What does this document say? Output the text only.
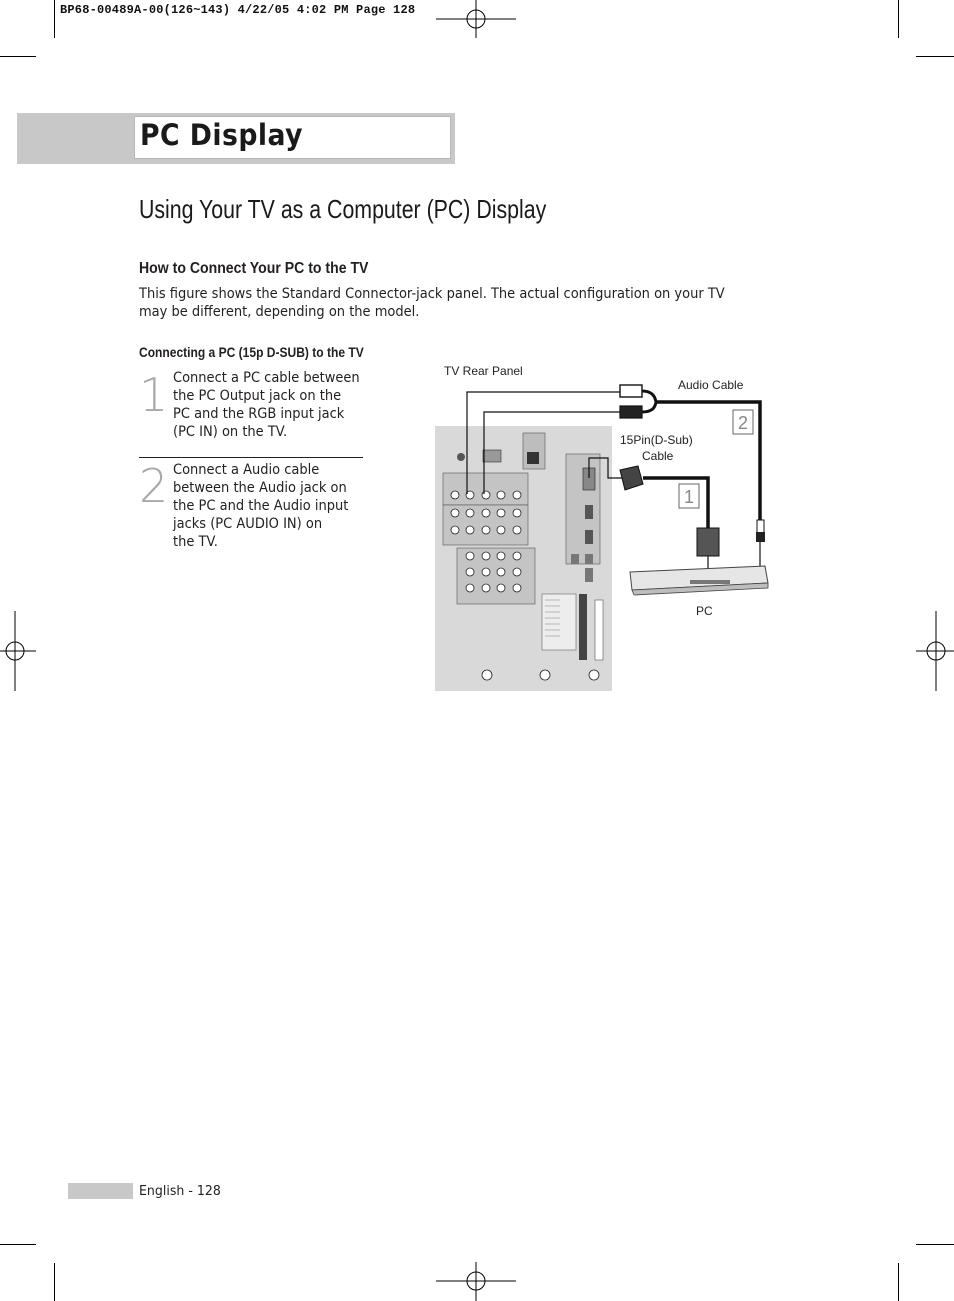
BP68-00489A-00(126~143) 4/22/05 4:02 PM Page 128
PC Display
Using Your TV as a Computer (PC) Display
How to Connect Your PC to the TV

This figure shows the Standard Connector-jack panel. The actual configuration on your TV may be different, depending on the model.

Connecting a PC (15p D-SUB) to the TV
1 Connect a PC cable between
the PC Output jack on the
PC and the RGB input jack
(PC IN) on the TV.
2 Connect a Audio cable
between the Audio jack on
the PC and the Audio input
jacks (PC AUDIO IN) on
the TV.
1
2
TV Rear Panel
Audio Cable
15Pin(D-Sub)
Cable
PC
English - 128
